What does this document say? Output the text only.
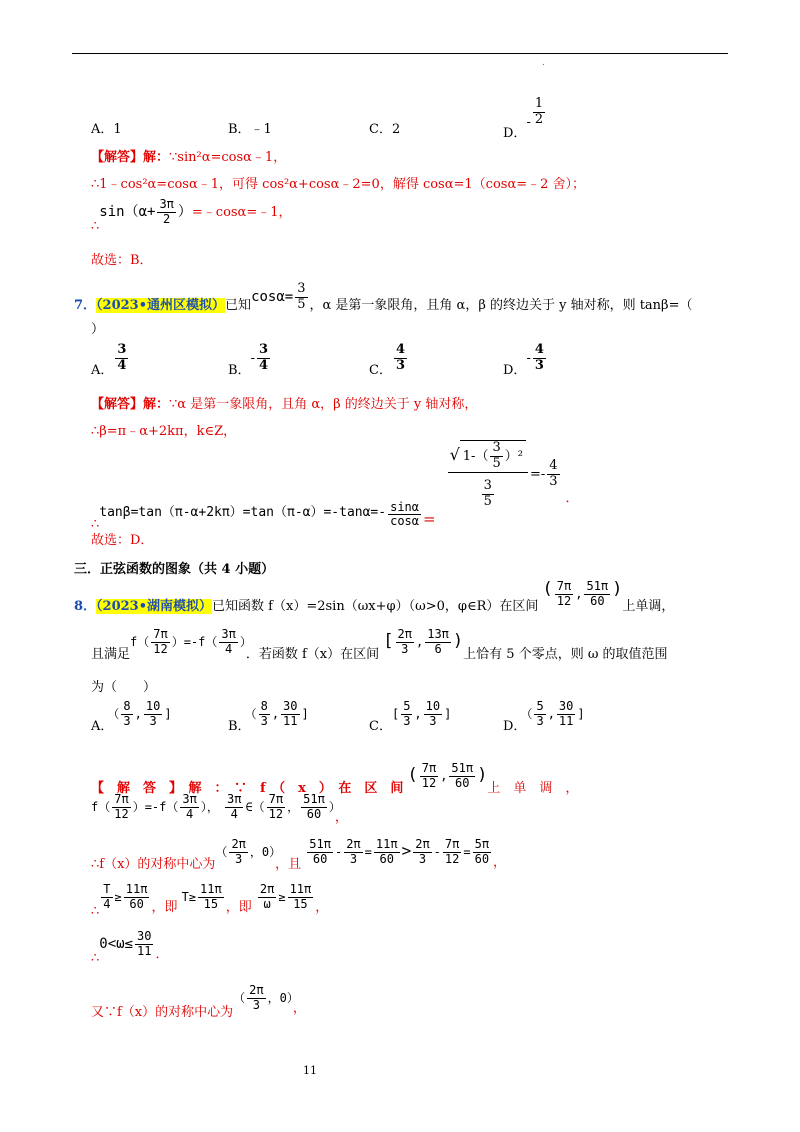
.
A．1	B．﹣1	C．2	D．- $\frac{1}{2}$
【解答】解：∵sin²α=cosα﹣1，
∴1﹣cos²α=cosα﹣1，可得 cos²α+cosα﹣2=0，解得 cosα=1（cosα=﹣2 舍）；
∴sin（α+ $\frac{3\pi}{2}$ ）=﹣cosα=﹣1，
故选：B．
7．（2023•通州区模拟）已知$\cos\alpha= \frac{3}{5}$ ，α 是第一象限角，且角 α，β 的终边关于 y 轴对称，则 tanβ=（
）
A． $\frac{3}{4}$	B．- $\frac{3}{4}$	C． $\frac{4}{3}$	D．- $\frac{4}{3}$
【解答】解：∵α 是第一象限角，且角 α，β 的终边关于 y 轴对称，
∴β=π﹣α+2kπ，k∈Z，
∴tanβ=tan（π-α+2kπ）=tan（π-α）=-tanα=- $\frac{\sin\alpha}{\cos\alpha}$ =
$\frac{√ 1-( \frac{3}{5} )^2}{\frac{3}{5}} =- \frac{4}{3}$
．
故选：D．
三．正弦函数的图象（共 4 小题）
8．（2023•湖南模拟）已知函数 f（x）=2sin（ωx+φ）（ω>0，φ∈R）在区间 ( $\frac{7\pi}{12}$ , $\frac{51\pi}{60}$ )上单调，
且满足$f( \frac{7\pi}{12} )=-f( \frac{3\pi}{4}$ ）．若函数 f（x）在区间 [ $\frac{2\pi}{3}$ , $\frac{13\pi}{6}$ )上恰有 5 个零点，则 ω 的取值范围
为（　　）
A．（ $\frac{8}{3}$ , $\frac{10}{3}$ ]
B．（ $\frac{8}{3}$ , $\frac{30}{11}$ ]
C．[ $\frac{5}{3}$ , $\frac{10}{3}$ ]
D．（ $\frac{5}{3}$ , $\frac{30}{11}$ ]
【　解　答　】　解　：　∵　f　（　x　）　在　区　间 ( $\frac{7\pi}{12}$ , $\frac{51\pi}{60}$ )上　单　调　，
$f( \frac{7\pi}{12} )=-f( \frac{3\pi}{4}$ ）， $\frac{3\pi}{4}$ ∈（ $\frac{7\pi}{12}$ ， $\frac{51\pi}{60}$ ），
∴f（x）的对称中心为（ $\frac{2\pi}{3}$ ，0），且 $\frac{51\pi}{60} - \frac{2\pi}{3} = \frac{11\pi}{60} > \frac{2\pi}{3} - \frac{7\pi}{12} = \frac{5\pi}{60}$ ，
∴ $\frac{T}{4} \ge \frac{11\pi}{60}$ ，即 $T\ge \frac{11\pi}{15}$ ，即 $\frac{2\pi}{\omega} \ge \frac{11\pi}{15}$ ，
∴0<ω≤ $\frac{30}{11}$ ．
又∵f（x）的对称中心为（ $\frac{2\pi}{3}$ ，0），
11
